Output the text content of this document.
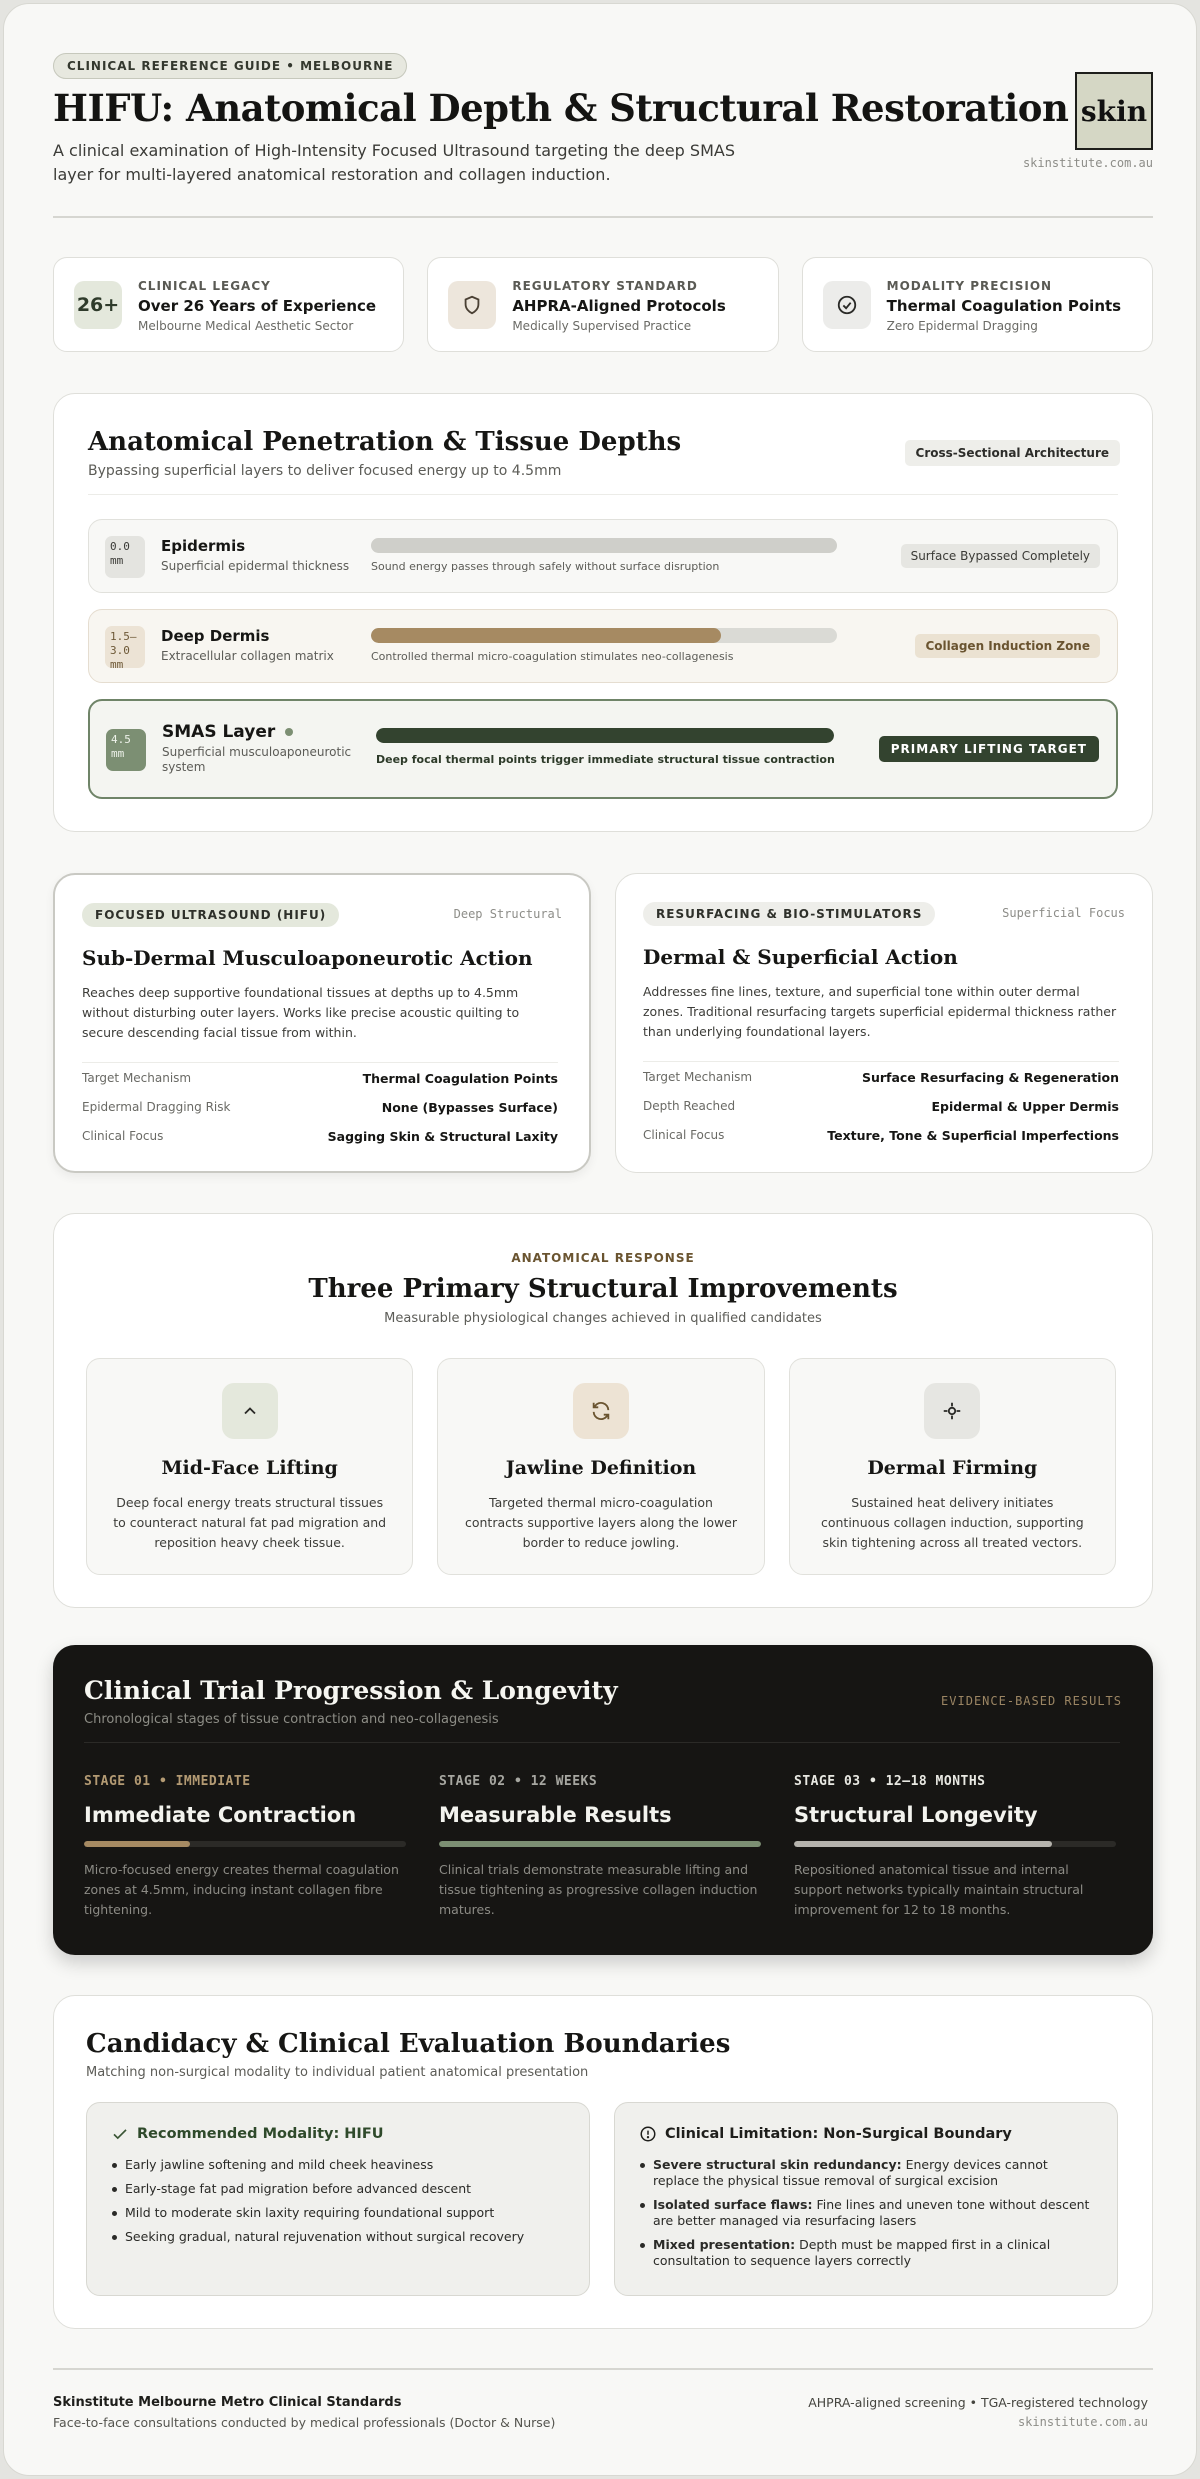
CLINICAL REFERENCE GUIDE • MELBOURNE
HIFU: Anatomical Depth & Structural Restoration
A clinical examination of High-Intensity Focused Ultrasound targeting the deep SMAS layer for multi-layered anatomical restoration and collagen induction.
skin
skinstitute.com.au
26+
CLINICAL LEGACY
Over 26 Years of Experience
Melbourne Medical Aesthetic Sector
REGULATORY STANDARD
AHPRA-Aligned Protocols
Medically Supervised Practice
MODALITY PRECISION
Thermal Coagulation Points
Zero Epidermal Dragging
Anatomical Penetration & Tissue Depths
Bypassing superficial layers to deliver focused energy up to 4.5mm
Cross-Sectional Architecture
0.0 mm
Epidermis
Superficial epidermal thickness Sound energy passes through safely without surface disruption
Surface Bypassed Completely
1.5–3.0 mm
Deep Dermis
Extracellular collagen matrix	Controlled thermal micro-coagulation stimulates neo-collagenesis
Collagen Induction Zone
4.5 mm
SMAS Layer
Superficial musculoaponeurotic system
Deep focal thermal points trigger immediate structural tissue contraction
PRIMARY LIFTING TARGET
FOCUSED ULTRASOUND (HIFU)	Deep Structural
Sub-Dermal Musculoaponeurotic Action
Reaches deep supportive foundational tissues at depths up to 4.5mm without disturbing outer layers. Works like precise acoustic quilting to secure descending facial tissue from within.
Target Mechanism	Thermal Coagulation Points
Epidermal Dragging Risk	None (Bypasses Surface)
Clinical Focus	Sagging Skin & Structural Laxity
RESURFACING & BIO-STIMULATORS	Superficial Focus
Dermal & Superficial Action
Addresses fine lines, texture, and superficial tone within outer dermal zones. Traditional resurfacing targets superficial epidermal thickness rather than underlying foundational layers.
Target Mechanism	Surface Resurfacing & Regeneration
Depth Reached	Epidermal & Upper Dermis
Clinical Focus	Texture, Tone & Superficial Imperfections
ANATOMICAL RESPONSE
Three Primary Structural Improvements
Measurable physiological changes achieved in qualified candidates
Mid-Face Lifting
Deep focal energy treats structural tissues to counteract natural fat pad migration and reposition heavy cheek tissue.
Jawline Definition
Targeted thermal micro-coagulation contracts supportive layers along the lower border to reduce jowling.
Dermal Firming
Sustained heat delivery initiates continuous collagen induction, supporting skin tightening across all treated vectors.
Clinical Trial Progression & Longevity
Chronological stages of tissue contraction and neo-collagenesis
EVIDENCE-BASED RESULTS
STAGE 01 • IMMEDIATE
Immediate Contraction
Micro-focused energy creates thermal coagulation zones at 4.5mm, inducing instant collagen fibre tightening.
STAGE 02 • 12 WEEKS
Measurable Results
Clinical trials demonstrate measurable lifting and tissue tightening as progressive collagen induction matures.
STAGE 03 • 12–18 MONTHS
Structural Longevity
Repositioned anatomical tissue and internal support networks typically maintain structural improvement for 12 to 18 months.
Candidacy & Clinical Evaluation Boundaries
Matching non-surgical modality to individual patient anatomical presentation
Recommended Modality: HIFU
Early jawline softening and mild cheek heaviness
Early-stage fat pad migration before advanced descent
Mild to moderate skin laxity requiring foundational support
Seeking gradual, natural rejuvenation without surgical recovery
Clinical Limitation: Non-Surgical Boundary
Severe structural skin redundancy: Energy devices cannot replace the physical tissue removal of surgical excision
Isolated surface flaws: Fine lines and uneven tone without descent are better managed via resurfacing lasers
Mixed presentation: Depth must be mapped first in a clinical consultation to sequence layers correctly
Skinstitute Melbourne Metro Clinical Standards
Face-to-face consultations conducted by medical professionals (Doctor & Nurse)
AHPRA-aligned screening • TGA-registered technology
skinstitute.com.au
